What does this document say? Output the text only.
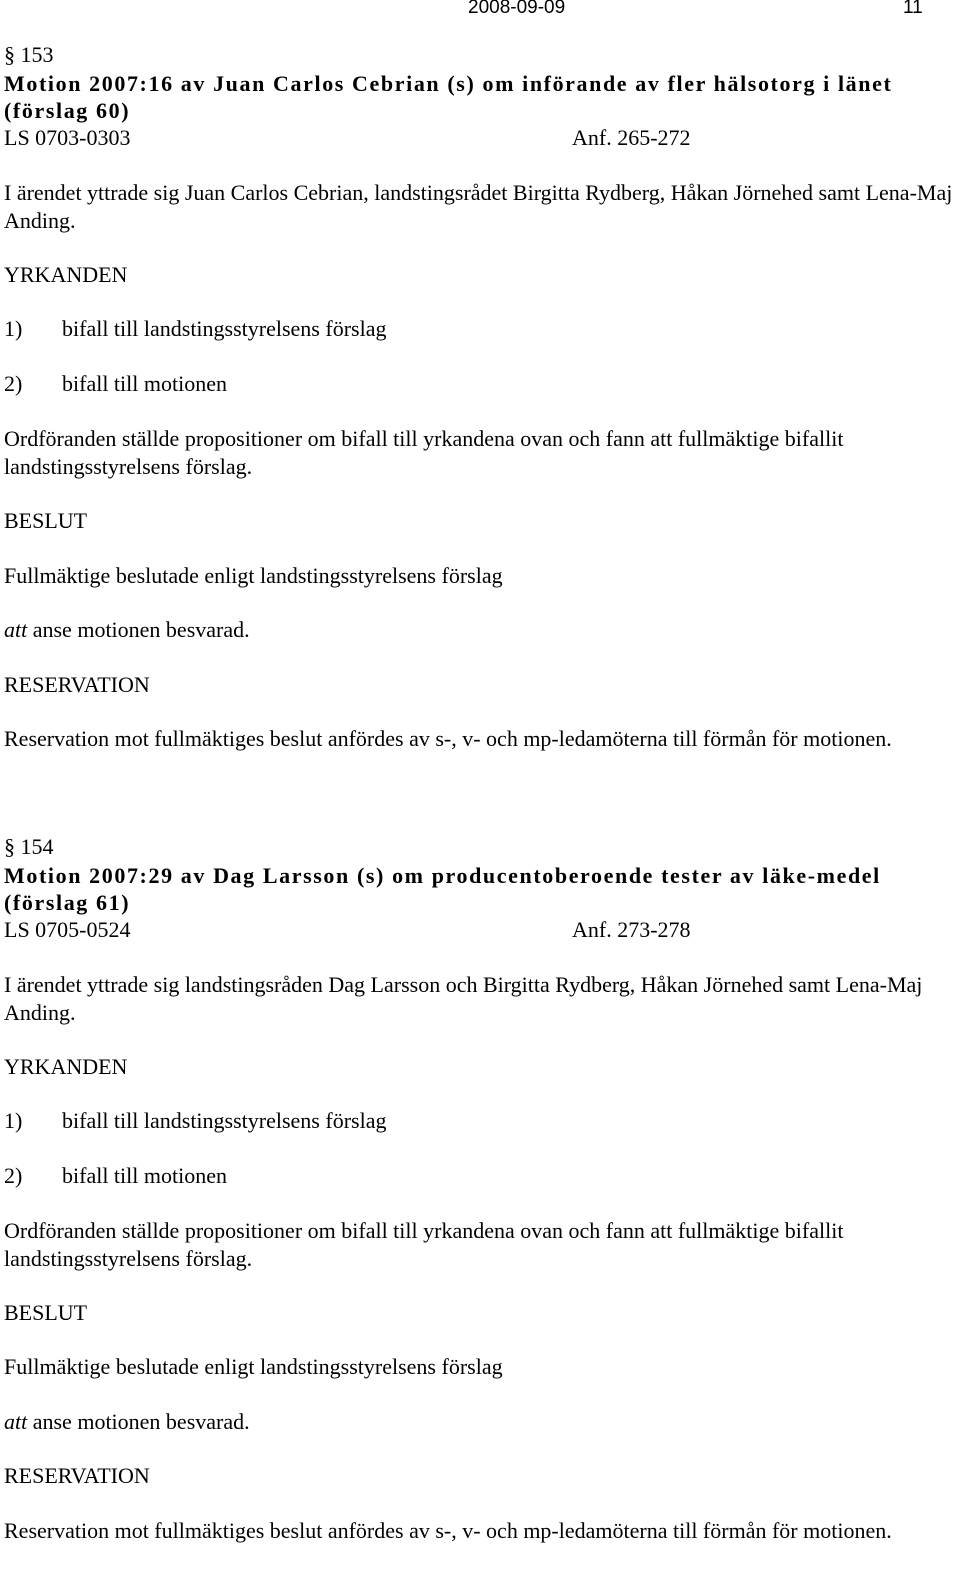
2008-09-09	11
§ 153
Motion 2007:16 av Juan Carlos Cebrian (s) om införande av fler hälsotorg i länet (förslag 60)
LS 0703-0303	Anf. 265-272
I ärendet yttrade sig Juan Carlos Cebrian, landstingsrådet Birgitta Rydberg, Håkan Jörnehed samt Lena-Maj Anding.
YRKANDEN
1) bifall till landstingsstyrelsens förslag
2) bifall till motionen
Ordföranden ställde propositioner om bifall till yrkandena ovan och fann att fullmäktige bifallit landstingsstyrelsens förslag.
BESLUT
Fullmäktige beslutade enligt landstingsstyrelsens förslag
att anse motionen besvarad.
RESERVATION
Reservation mot fullmäktiges beslut anfördes av s-, v- och mp-ledamöterna till förmån för motionen.
§ 154
Motion 2007:29 av Dag Larsson (s) om producentoberoende tester av läke-medel (förslag 61)
LS 0705-0524	Anf. 273-278
I ärendet yttrade sig landstingsråden Dag Larsson och Birgitta Rydberg, Håkan Jörnehed samt Lena-Maj Anding.
YRKANDEN
1) bifall till landstingsstyrelsens förslag
2) bifall till motionen
Ordföranden ställde propositioner om bifall till yrkandena ovan och fann att fullmäktige bifallit landstingsstyrelsens förslag.
BESLUT
Fullmäktige beslutade enligt landstingsstyrelsens förslag
att anse motionen besvarad.
RESERVATION
Reservation mot fullmäktiges beslut anfördes av s-, v- och mp-ledamöterna till förmån för motionen.
